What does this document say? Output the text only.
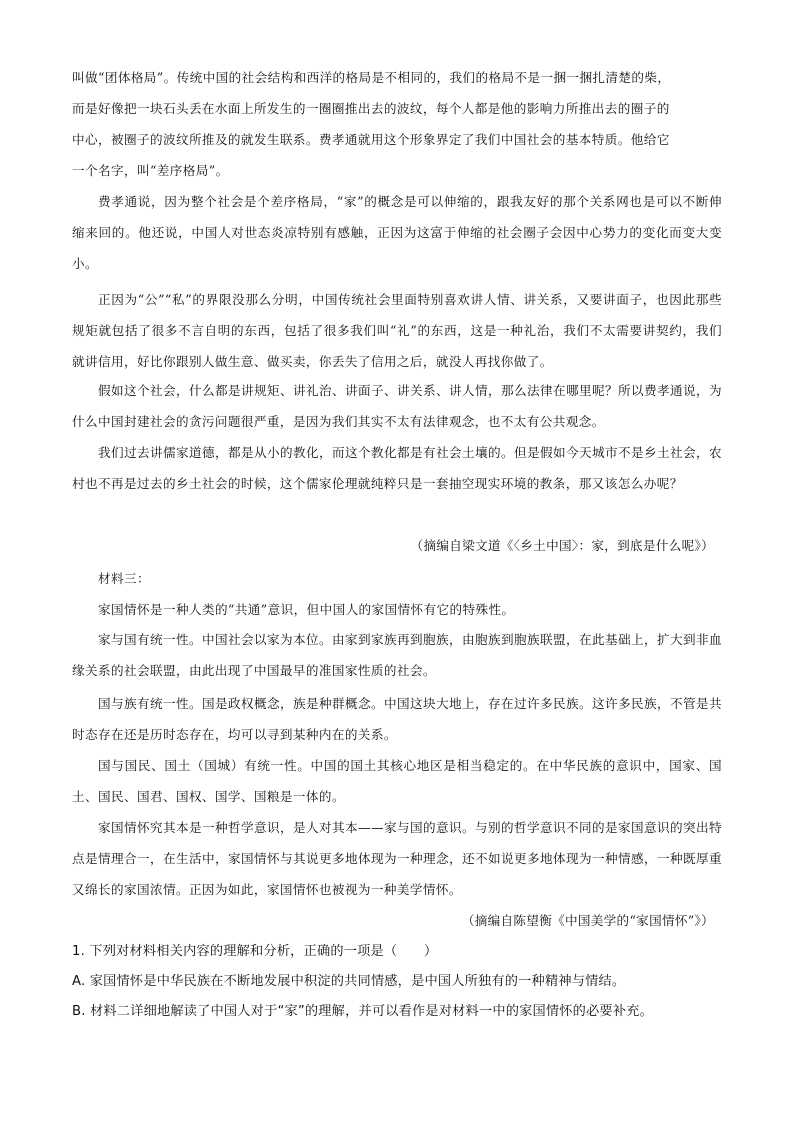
叫做“团体格局”。传统中国的社会结构和西洋的格局是不相同的，我们的格局不是一捆一捆扎清楚的柴，
而是好像把一块石头丢在水面上所发生的一圈圈推出去的波纹，每个人都是他的影响力所推出去的圈子的
中心，被圈子的波纹所推及的就发生联系。费孝通就用这个形象界定了我们中国社会的基本特质。他给它
一个名字，叫“差序格局”。

费孝通说，因为整个社会是个差序格局，“家”的概念是可以伸缩的，跟我友好的那个关系网也是可以不断伸缩来回的。他还说，中国人对世态炎凉特别有感触，正因为这富于伸缩的社会圈子会因中心势力的变化而变大变小。

正因为“公”“私”的界限没那么分明，中国传统社会里面特别喜欢讲人情、讲关系，又要讲面子，也因此那些规矩就包括了很多不言自明的东西，包括了很多我们叫“礼”的东西，这是一种礼治，我们不太需要讲契约，我们就讲信用，好比你跟别人做生意、做买卖，你丢失了信用之后，就没人再找你做了。

假如这个社会，什么都是讲规矩、讲礼治、讲面子、讲关系、讲人情，那么法律在哪里呢？所以费孝通说，为什么中国封建社会的贪污问题很严重，是因为我们其实不太有法律观念，也不太有公共观念。

我们过去讲儒家道德，都是从小的教化，而这个教化都是有社会土壤的。但是假如今天城市不是乡土社会，农村也不再是过去的乡土社会的时候，这个儒家伦理就纯粹只是一套抽空现实环境的教条，那又该怎么办呢？

（摘编自梁文道《〈乡土中国〉：家，到底是什么呢》）

材料三：

家国情怀是一种人类的“共通”意识，但中国人的家国情怀有它的特殊性。

家与国有统一性。中国社会以家为本位。由家到家族再到胞族，由胞族到胞族联盟，在此基础上，扩大到非血缘关系的社会联盟，由此出现了中国最早的准国家性质的社会。

国与族有统一性。国是政权概念，族是种群概念。中国这块大地上，存在过许多民族。这许多民族，不管是共时态存在还是历时态存在，均可以寻到某种内在的关系。

国与国民、国土（国城）有统一性。中国的国土其核心地区是相当稳定的。在中华民族的意识中，国家、国土、国民、国君、国权、国学、国粮是一体的。

家国情怀究其本是一种哲学意识，是人对其本——家与国的意识。与别的哲学意识不同的是家国意识的突出特点是情理合一，在生活中，家国情怀与其说更多地体现为一种理念，还不如说更多地体现为一种情感，一种既厚重又绵长的家国浓情。正因为如此，家国情怀也被视为一种美学情怀。

（摘编自陈望衡《中国美学的“家国情怀”》）

1. 下列对材料相关内容的理解和分析，正确的一项是（　　）

A. 家国情怀是中华民族在不断地发展中积淀的共同情感，是中国人所独有的一种精神与情结。

B. 材料二详细地解读了中国人对于“家”的理解，并可以看作是对材料一中的家国情怀的必要补充。
